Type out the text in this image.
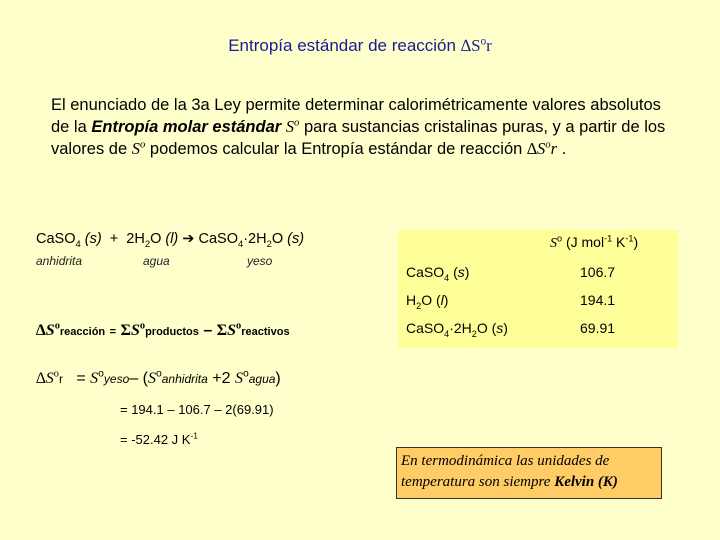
Entropía estándar de reacción $\Delta S^or$
El enunciado de la 3a Ley permite determinar calorimétricamente valores absolutos de la Entropía molar estándar $S^o$ para sustancias cristalinas puras, y a partir de los valores de $S^o$ podemos calcular la Entropía estándar de reacción $\Delta S^or$ .
CaSO$_4$ $(s) + 2H_2O$ (l) ➔ $CaSO_4\cdot 2H_2O$ (s)
anhidrita	agua	yeso
$\Delta S^oreacción$ = $\Sigma S^oproductos$ – $\Sigma S^oreactivos$
$\Delta S^or$ = $S^oyeso-$ ($S^oanhidrita +2$ $S^oagua$)
= 194.1 – 106.7 – 2(69.91)
= -52.42 J $K^{-1}$
$S^o$ (J mol$^{-1}$ $K^{-1}$)
CaSO$_4$ (s)	106.7
$H_2O$ (l)	194.1
$CaSO_4\cdot 2H_2O$ (s)	69.91
En termodinámica las unidades de temperatura son siempre Kelvin (K)
